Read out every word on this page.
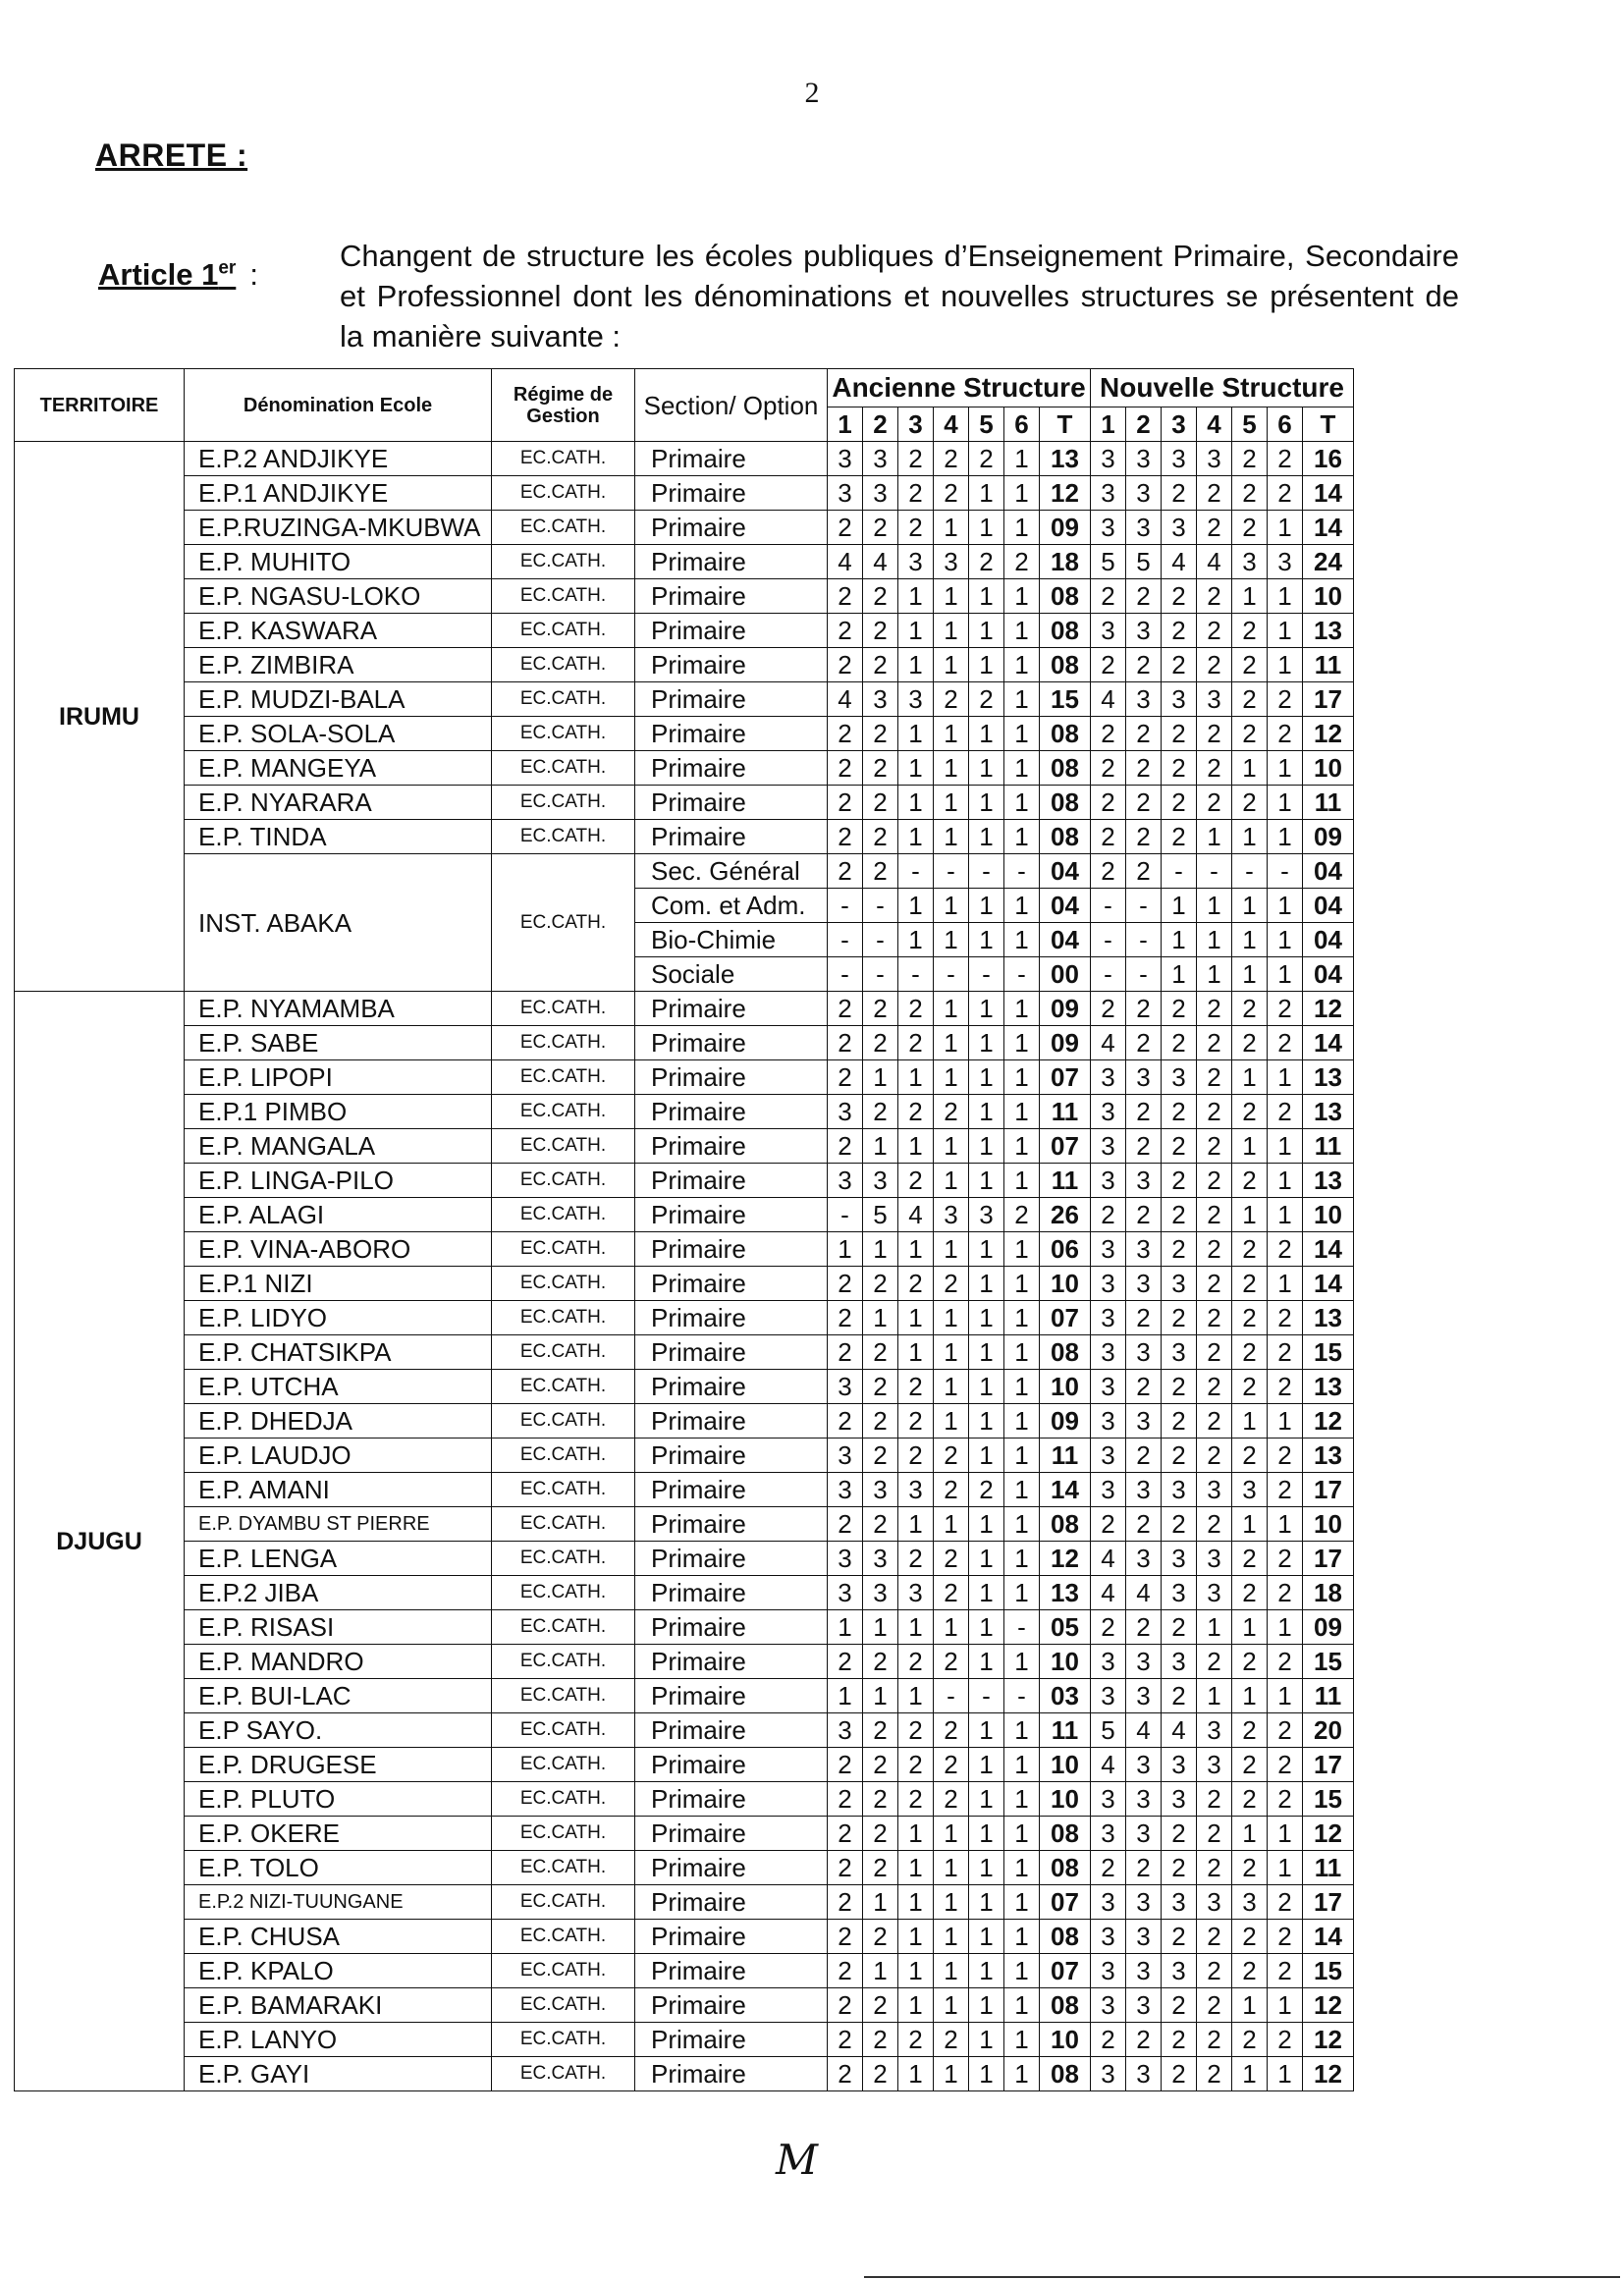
2
ARRETE :
Article 1er :
Changent de structure les écoles publiques d’Enseignement Primaire, Secondaire et Professionnel dont les dénominations et nouvelles structures se présentent de la manière suivante :
TERRITOIRE	Dénomination Ecole	Régime de Gestion	Section/ Option	Ancienne Structure							Nouvelle Structure						
				1	2	3	4	5	6	T	1	2	3	4	5	6	T

IRUMU	E.P.2 ANDJIKYE	EC.CATH.	Primaire	3	3	2	2	2	1	13	3	3	3	3	2	2	16
	E.P.1 ANDJIKYE	EC.CATH.	Primaire	3	3	2	2	1	1	12	3	3	2	2	2	2	14
	E.P.RUZINGA-MKUBWA	EC.CATH.	Primaire	2	2	2	1	1	1	09	3	3	3	2	2	1	14
	E.P. MUHITO	EC.CATH.	Primaire	4	4	3	3	2	2	18	5	5	4	4	3	3	24
	E.P. NGASU-LOKO	EC.CATH.	Primaire	2	2	1	1	1	1	08	2	2	2	2	1	1	10
	E.P. KASWARA	EC.CATH.	Primaire	2	2	1	1	1	1	08	3	3	2	2	2	1	13
	E.P. ZIMBIRA	EC.CATH.	Primaire	2	2	1	1	1	1	08	2	2	2	2	2	1	11
	E.P. MUDZI-BALA	EC.CATH.	Primaire	4	3	3	2	2	1	15	4	3	3	3	2	2	17
	E.P. SOLA-SOLA	EC.CATH.	Primaire	2	2	1	1	1	1	08	2	2	2	2	2	2	12
	E.P. MANGEYA	EC.CATH.	Primaire	2	2	1	1	1	1	08	2	2	2	2	1	1	10
	E.P. NYARARA	EC.CATH.	Primaire	2	2	1	1	1	1	08	2	2	2	2	2	1	11
	E.P. TINDA	EC.CATH.	Primaire	2	2	1	1	1	1	08	2	2	2	1	1	1	09
	INST. ABAKA	EC.CATH.	Sec. Général	2	2	-	-	-	-	04	2	2	-	-	-	-	04
			Com. et Adm.	-	-	1	1	1	1	04	-	-	1	1	1	1	04
			Bio-Chimie	-	-	1	1	1	1	04	-	-	1	1	1	1	04
			Sociale	-	-	-	-	-	-	00	-	-	1	1	1	1	04

DJUGU	E.P. NYAMAMBA	EC.CATH.	Primaire	2	2	2	1	1	1	09	2	2	2	2	2	2	12
	E.P. SABE	EC.CATH.	Primaire	2	2	2	1	1	1	09	4	2	2	2	2	2	14
	E.P. LIPOPI	EC.CATH.	Primaire	2	1	1	1	1	1	07	3	3	3	2	1	1	13
	E.P.1 PIMBO	EC.CATH.	Primaire	3	2	2	2	1	1	11	3	2	2	2	2	2	13
	E.P. MANGALA	EC.CATH.	Primaire	2	1	1	1	1	1	07	3	2	2	2	1	1	11
	E.P. LINGA-PILO	EC.CATH.	Primaire	3	3	2	1	1	1	11	3	3	2	2	2	1	13
	E.P. ALAGI	EC.CATH.	Primaire	-	5	4	3	3	2	26	2	2	2	2	1	1	10
	E.P. VINA-ABORO	EC.CATH.	Primaire	1	1	1	1	1	1	06	3	3	2	2	2	2	14
	E.P.1 NIZI	EC.CATH.	Primaire	2	2	2	2	1	1	10	3	3	3	2	2	1	14
	E.P. LIDYO	EC.CATH.	Primaire	2	1	1	1	1	1	07	3	2	2	2	2	2	13
	E.P. CHATSIKPA	EC.CATH.	Primaire	2	2	1	1	1	1	08	3	3	3	2	2	2	15
	E.P. UTCHA	EC.CATH.	Primaire	3	2	2	1	1	1	10	3	2	2	2	2	2	13
	E.P. DHEDJA	EC.CATH.	Primaire	2	2	2	1	1	1	09	3	3	2	2	1	1	12
	E.P. LAUDJO	EC.CATH.	Primaire	3	2	2	2	1	1	11	3	2	2	2	2	2	13
	E.P. AMANI	EC.CATH.	Primaire	3	3	3	2	2	1	14	3	3	3	3	3	2	17
	E.P. DYAMBU ST PIERRE	EC.CATH.	Primaire	2	2	1	1	1	1	08	2	2	2	2	1	1	10
	E.P. LENGA	EC.CATH.	Primaire	3	3	2	2	1	1	12	4	3	3	3	2	2	17
	E.P.2 JIBA	EC.CATH.	Primaire	3	3	3	2	1	1	13	4	4	3	3	2	2	18
	E.P. RISASI	EC.CATH.	Primaire	1	1	1	1	1	-	05	2	2	2	1	1	1	09
	E.P. MANDRO	EC.CATH.	Primaire	2	2	2	2	1	1	10	3	3	3	2	2	2	15
	E.P. BUI-LAC	EC.CATH.	Primaire	1	1	1	-	-	-	03	3	3	2	1	1	1	11
	E.P SAYO.	EC.CATH.	Primaire	3	2	2	2	1	1	11	5	4	4	3	2	2	20
	E.P. DRUGESE	EC.CATH.	Primaire	2	2	2	2	1	1	10	4	3	3	3	2	2	17
	E.P. PLUTO	EC.CATH.	Primaire	2	2	2	2	1	1	10	3	3	3	2	2	2	15
	E.P. OKERE	EC.CATH.	Primaire	2	2	1	1	1	1	08	3	3	2	2	1	1	12
	E.P. TOLO	EC.CATH.	Primaire	2	2	1	1	1	1	08	2	2	2	2	2	1	11
	E.P.2 NIZI-TUUNGANE	EC.CATH.	Primaire	2	1	1	1	1	1	07	3	3	3	3	3	2	17
	E.P. CHUSA	EC.CATH.	Primaire	2	2	1	1	1	1	08	3	3	2	2	2	2	14
	E.P. KPALO	EC.CATH.	Primaire	2	1	1	1	1	1	07	3	3	3	2	2	2	15
	E.P. BAMARAKI	EC.CATH.	Primaire	2	2	1	1	1	1	08	3	3	2	2	1	1	12
	E.P. LANYO	EC.CATH.	Primaire	2	2	2	2	1	1	10	2	2	2	2	2	2	12
	E.P. GAYI	EC.CATH.	Primaire	2	2	1	1	1	1	08	3	3	2	2	1	1	12
M
